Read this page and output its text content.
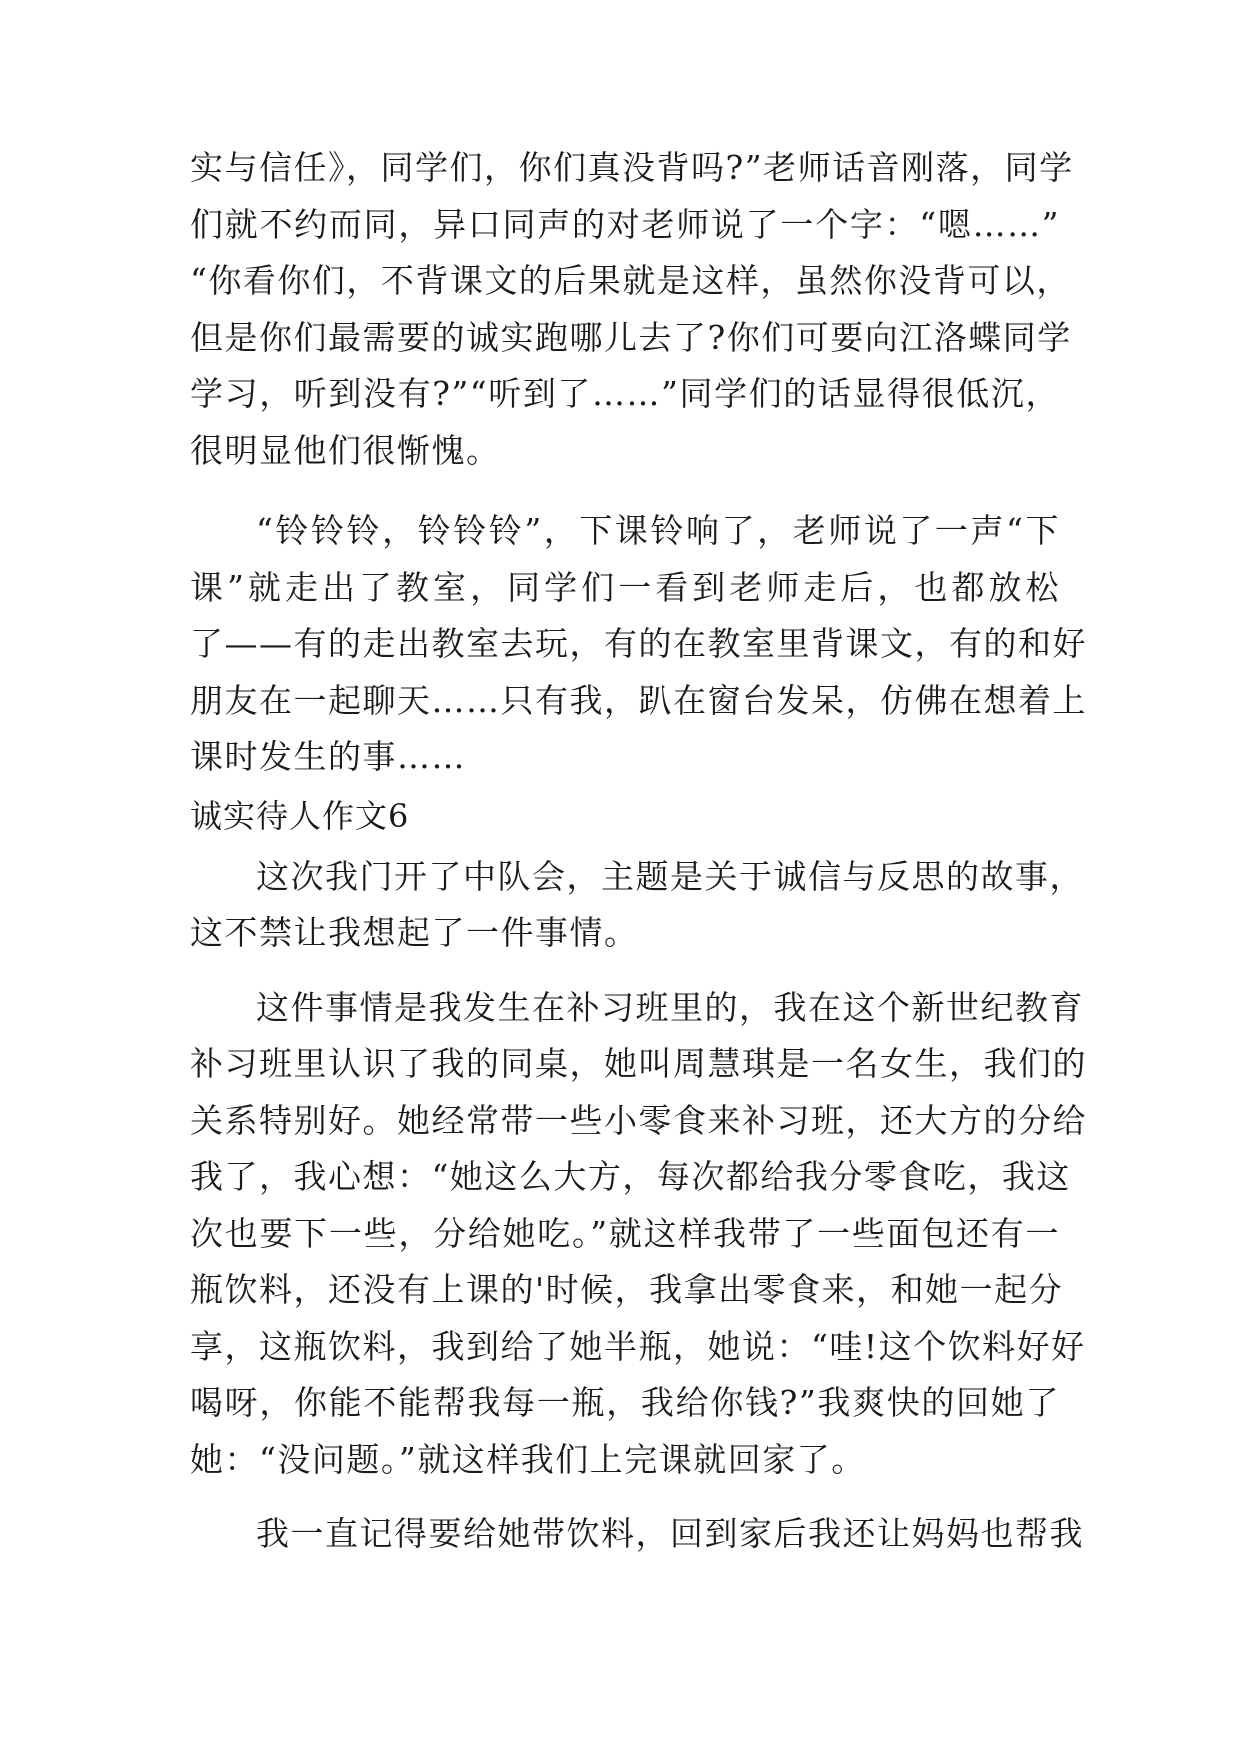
实与信任》，同学们，你们真没背吗?”老师话音刚落，同学
们就不约而同，异口同声的对老师说了一个字：“嗯……”
“你看你们，不背课文的后果就是这样，虽然你没背可以，
但是你们最需要的诚实跑哪儿去了?你们可要向江洛蝶同学
学习，听到没有?”“听到了……”同学们的话显得很低沉，
很明显他们很惭愧。
“铃铃铃，铃铃铃”，下课铃响了，老师说了一声“下
课”就走出了教室，同学们一看到老师走后，也都放松
了——有的走出教室去玩，有的在教室里背课文，有的和好
朋友在一起聊天……只有我，趴在窗台发呆，仿佛在想着上
课时发生的事……
诚实待人作文6
这次我门开了中队会，主题是关于诚信与反思的故事，
这不禁让我想起了一件事情。
这件事情是我发生在补习班里的，我在这个新世纪教育
补习班里认识了我的同桌，她叫周慧琪是一名女生，我们的
关系特别好。她经常带一些小零食来补习班，还大方的分给
我了，我心想：“她这么大方，每次都给我分零食吃，我这
次也要下一些，分给她吃。”就这样我带了一些面包还有一
瓶饮料，还没有上课的'时候，我拿出零食来，和她一起分
享，这瓶饮料，我到给了她半瓶，她说：“哇!这个饮料好好
喝呀，你能不能帮我每一瓶，我给你钱?”我爽快的回她了
她：“没问题。”就这样我们上完课就回家了。
我一直记得要给她带饮料，回到家后我还让妈妈也帮我
